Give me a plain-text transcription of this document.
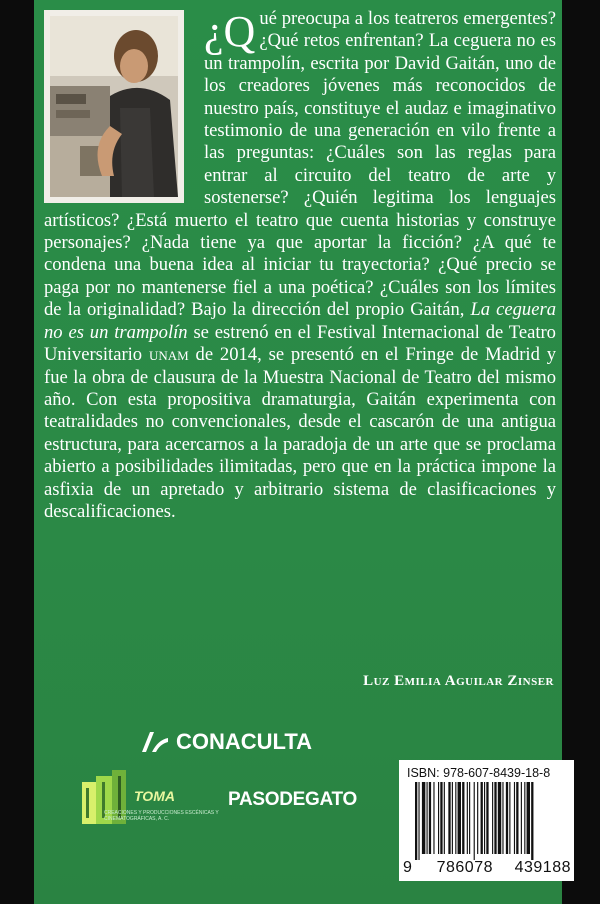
¿Q ué preocupa a los teatreros emergentes? ¿Qué retos enfrentan? La ceguera no es un trampolín, escrita por David Gaitán, uno de los creadores jóvenes más reconocidos de nuestro país, constituye el audaz e imaginativo testimonio de una generación en vilo frente a las preguntas: ¿Cuáles son las reglas para entrar al circuito del teatro de arte y sostenerse? ¿Quién legitima los lenguajes artísticos? ¿Está muerto el teatro que cuenta historias y construye personajes? ¿Nada tiene ya que aportar la ficción? ¿A qué te condena una buena idea al iniciar tu trayectoria? ¿Qué precio se paga por no mantenerse fiel a una poética? ¿Cuáles son los límites de la originalidad? Bajo la dirección del propio Gaitán, La ceguera no es un trampolín se estrenó en el Festival Internacional de Teatro Universitario unam de 2014, se presentó en el Fringe de Madrid y fue la obra de clausura de la Muestra Nacional de Teatro del mismo año. Con esta propositiva dramaturgia, Gaitán experimenta con teatralidades no convencionales, desde el cascarón de una antigua estructura, para acercarnos a la paradoja de un arte que se proclama abierto a posibilidades ilimitadas, pero que en la práctica impone la asfixia de un apretado y arbitrario sistema de clasificaciones y descalificaciones.
Luz Emilia Aguilar Zinser
CONACULTA
TOMA
CREACIONES Y PRODUCCIONES ESCÉNICAS Y CINEMATOGRÁFICAS, A. C.
PASODEGATO
ISBN: 978-607-8439-18-8
9 786078 439188
